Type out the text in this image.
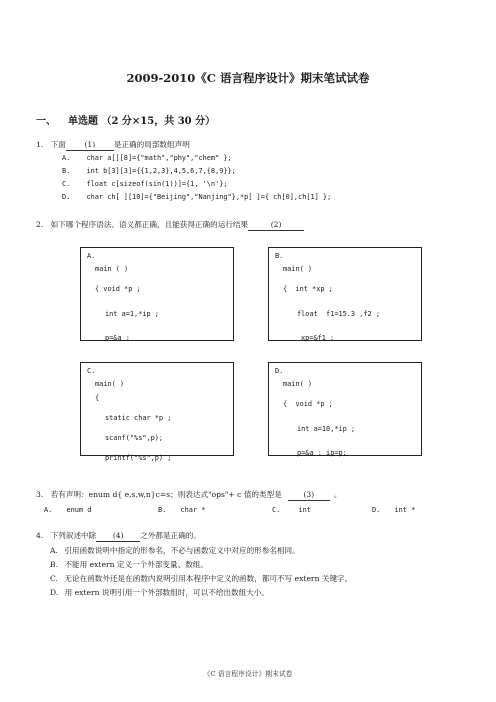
2009-2010《C 语言程序设计》期末笔试试卷
一、 单选题 （2 分×15，共 30 分）
1. 下面 (1) 是正确的局部数组声明
A. char a[][8]={"math","phy","chem" };
B. int b[3][3]={{1,2,3},4,5,6,7,{8,9}};
C. float c[sizeof(sin(1))]={1, '\n'};
D. char ch[ ][10]={"Beijing","Nanjing"},*p[ ]={ ch[0],ch[1] };
2. 如下哪个程序语法、语义都正确，且能获得正确的运行结果	(2)
A.
main ( )
{ void *p ;
int a=1,*ip ;
p=&a ;
B.
main( )
{  int *xp ;
float  f1=15.3 ,f2 ;
xp=&f1 ;
C.
main( )
{
static char *p ;
scanf("%s",p);
printf("%s",p) ;
D.
main( )
{  void *p ;
int a=10,*ip ;
p=&a ; ip=p;
3. 若有声明：enum d{ e,s,w,n}c=s；则表达式"ops"+ c 值的类型是	(3)	。
A. enum d	B. char *	C.	int	D. int *
4. 下列叙述中除 (4) 之外都是正确的。
A. 引用函数说明中指定的形参名，不必与函数定义中对应的形参名相同。
B. 不能用 extern 定义一个外部变量、数组。
C. 无论在函数外还是在函数内说明引用本程序中定义的函数，都可不写 extern 关键字。
D. 用 extern 说明引用一个外部数组时，可以不给出数组大小。
《C 语言程序设计》期末试卷
